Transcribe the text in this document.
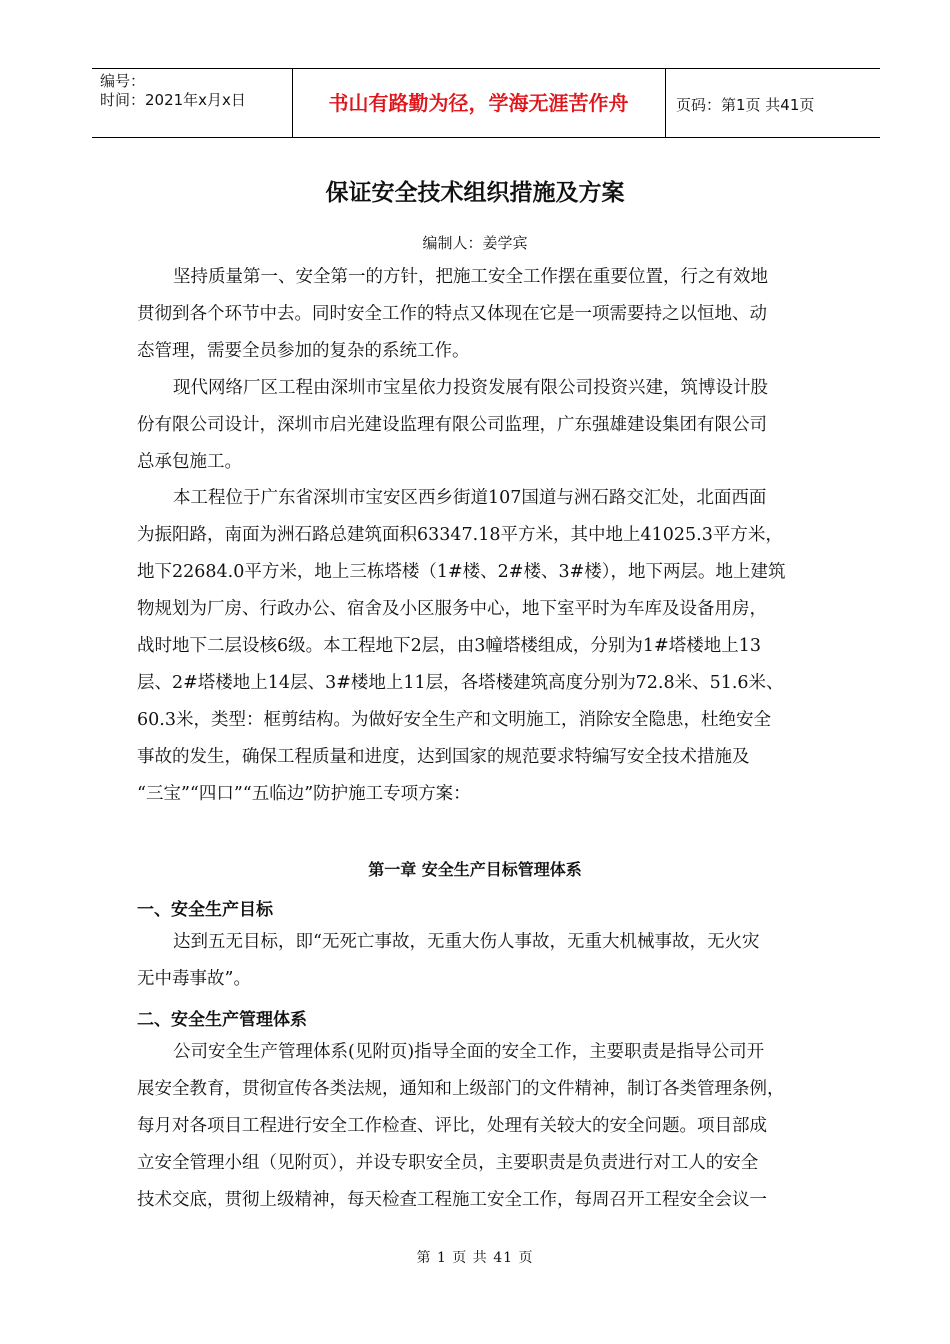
编号：
时间：2021年x月x日	书山有路勤为径，学海无涯苦作舟	页码：第1页 共41页
保证安全技术组织措施及方案
编制人：姜学宾

坚持质量第一、安全第一的方针，把施工安全工作摆在重要位置，行之有效地
贯彻到各个环节中去。同时安全工作的特点又体现在它是一项需要持之以恒地、动
态管理，需要全员参加的复杂的系统工作。

现代网络厂区工程由深圳市宝星依力投资发展有限公司投资兴建，筑博设计股
份有限公司设计，深圳市启光建设监理有限公司监理，广东强雄建设集团有限公司
总承包施工。

本工程位于广东省深圳市宝安区西乡街道107国道与洲石路交汇处，北面西面
为振阳路，南面为洲石路总建筑面积63347.18平方米，其中地上41025.3平方米，
地下22684.0平方米，地上三栋塔楼（1#楼、2#楼、3#楼），地下两层。地上建筑
物规划为厂房、行政办公、宿舍及小区服务中心，地下室平时为车库及设备用房，
战时地下二层设核6级。本工程地下2层，由3幢塔楼组成，分别为1#塔楼地上13
层、2#塔楼地上14层、3#楼地上11层，各塔楼建筑高度分别为72.8米、51.6米、
60.3米，类型：框剪结构。为做好安全生产和文明施工，消除安全隐患，杜绝安全
事故的发生，确保工程质量和进度，达到国家的规范要求特编写安全技术措施及
“三宝”“四口”“五临边”防护施工专项方案：

第一章 安全生产目标管理体系
一、安全生产目标

达到五无目标，即“无死亡事故，无重大伤人事故，无重大机械事故，无火灾
无中毒事故”。

二、安全生产管理体系

公司安全生产管理体系(见附页)指导全面的安全工作，主要职责是指导公司开
展安全教育，贯彻宣传各类法规，通知和上级部门的文件精神，制订各类管理条例，
每月对各项目工程进行安全工作检查、评比，处理有关较大的安全问题。项目部成
立安全管理小组（见附页），并设专职安全员，主要职责是负责进行对工人的安全
技术交底，贯彻上级精神，每天检查工程施工安全工作，每周召开工程安全会议一

第 1 页 共 41 页
